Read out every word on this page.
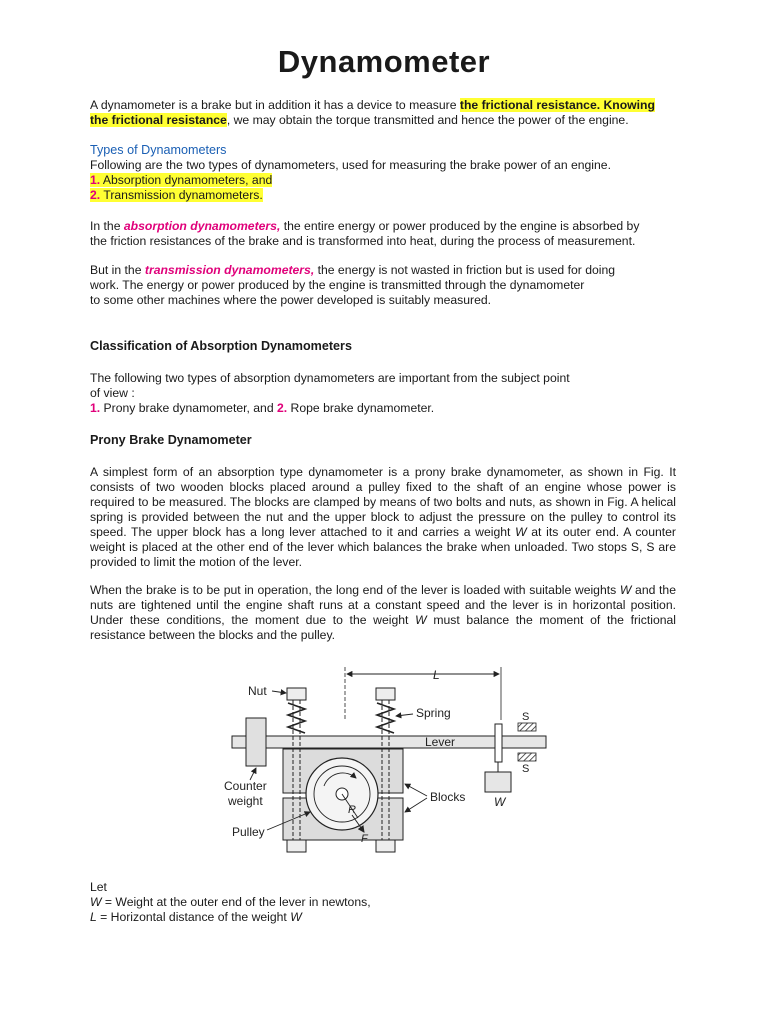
Dynamometer
A dynamometer is a brake but in addition it has a device to measure the frictional resistance. Knowing
the frictional resistance, we may obtain the torque transmitted and hence the power of the engine.
Types of Dynamometers
Following are the two types of dynamometers, used for measuring the brake power of an engine.
1. Absorption dynamometers, and
2. Transmission dynamometers.
In the absorption dynamometers, the entire energy or power produced by the engine is absorbed by
the friction resistances of the brake and is transformed into heat, during the process of measurement.
But in the transmission dynamometers, the energy is not wasted in friction but is used for doing
work. The energy or power produced by the engine is transmitted through the dynamometer
to some other machines where the power developed is suitably measured.
Classification of Absorption Dynamometers
The following two types of absorption dynamometers are important from the subject point
of view :
1. Prony brake dynamometer, and 2. Rope brake dynamometer.
Prony Brake Dynamometer
A simplest form of an absorption type dynamometer is a prony brake dynamometer, as shown in Fig. It consists of two wooden blocks placed around a pulley fixed to the shaft of an engine whose power is required to be measured. The blocks are clamped by means of two bolts and nuts, as shown in Fig. A helical spring is provided between the nut and the upper block to adjust the pressure on the pulley to control its speed. The upper block has a long lever attached to it and carries a weight W at its outer end. A counter weight is placed at the other end of the lever which balances the brake when unloaded. Two stops S, S are provided to limit the motion of the lever.
When the brake is to be put in operation, the long end of the lever is loaded with suitable weights W and the nuts are tightened until the engine shaft runs at a constant speed and the lever is in horizontal position. Under these conditions, the moment due to the weight W must balance the moment of the frictional resistance between the blocks and the pulley.
L
Lever
R
F
W
S
S
Nut
Spring
Counter
weight	Blocks
Pulley
Let
W = Weight at the outer end of the lever in newtons,
L = Horizontal distance of the weight W
